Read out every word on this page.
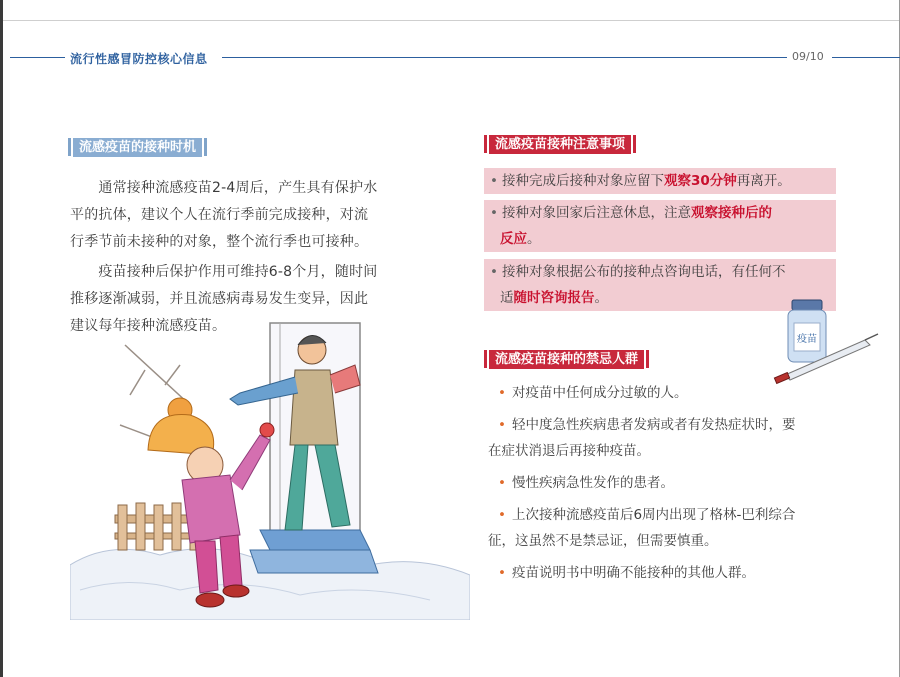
流行性感冒防控核心信息	09/10
流感疫苗的接种时机
　　通常接种流感疫苗2-4周后，产生具有保护水
平的抗体，建议个人在流行季前完成接种，对流
行季节前未接种的对象，整个流行季也可接种。
　　疫苗接种后保护作用可维持6-8个月，随时间
推移逐渐减弱，并且流感病毒易发生变异，因此
建议每年接种流感疫苗。
流感疫苗接种注意事项
• 接种完成后接种对象应留下观察30分钟再离开。
• 接种对象回家后注意休息，注意观察接种后的
反应。
• 接种对象根据公布的接种点咨询电话，有任何不
适随时咨询报告。
疫苗
流感疫苗接种的禁忌人群
• 对疫苗中任何成分过敏的人。
• 轻中度急性疾病患者发病或者有发热症状时，要
在症状消退后再接种疫苗。
• 慢性疾病急性发作的患者。
• 上次接种流感疫苗后6周内出现了格林-巴利综合
征，这虽然不是禁忌证，但需要慎重。
• 疫苗说明书中明确不能接种的其他人群。
